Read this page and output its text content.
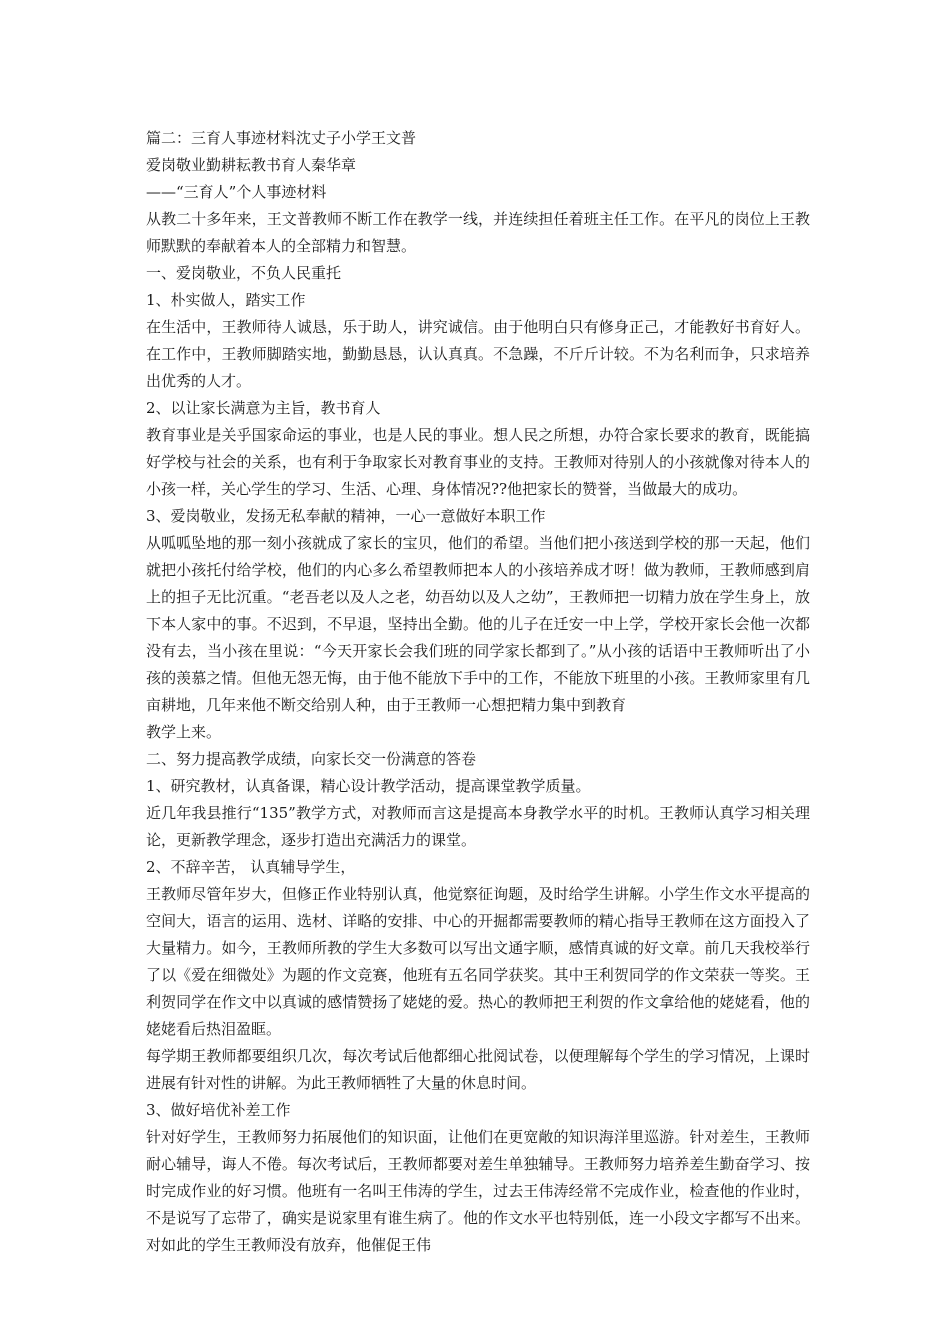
篇二：三育人事迹材料沈丈子小学王文普

爱岗敬业勤耕耘教书育人秦华章

——“三育人”个人事迹材料

从教二十多年来，王文普教师不断工作在教学一线，并连续担任着班主任工作。在平凡的岗位上王教师默默的奉献着本人的全部精力和智慧。

一、爱岗敬业，不负人民重托

1、朴实做人，踏实工作

在生活中，王教师待人诚恳，乐于助人，讲究诚信。由于他明白只有修身正己，才能教好书育好人。在工作中，王教师脚踏实地，勤勤恳恳，认认真真。不急躁，不斤斤计较。不为名利而争，只求培养出优秀的人才。

2、以让家长满意为主旨，教书育人

教育事业是关乎国家命运的事业，也是人民的事业。想人民之所想，办符合家长要求的教育，既能搞好学校与社会的关系，也有利于争取家长对教育事业的支持。王教师对待别人的小孩就像对待本人的小孩一样，关心学生的学习、生活、心理、身体情况??他把家长的赞誉，当做最大的成功。

3、爱岗敬业，发扬无私奉献的精神，一心一意做好本职工作

从呱呱坠地的那一刻小孩就成了家长的宝贝，他们的希望。当他们把小孩送到学校的那一天起，他们就把小孩托付给学校，他们的内心多么希望教师把本人的小孩培养成才呀！做为教师，王教师感到肩上的担子无比沉重。“老吾老以及人之老，幼吾幼以及人之幼”，王教师把一切精力放在学生身上，放下本人家中的事。不迟到，不早退，坚持出全勤。他的儿子在迁安一中上学，学校开家长会他一次都没有去，当小孩在里说：“今天开家长会我们班的同学家长都到了。”从小孩的话语中王教师听出了小孩的羡慕之情。但他无怨无悔，由于他不能放下手中的工作，不能放下班里的小孩。王教师家里有几亩耕地，几年来他不断交给别人种，由于王教师一心想把精力集中到教育

教学上来。

二、努力提高教学成绩，向家长交一份满意的答卷

1、研究教材，认真备课，精心设计教学活动，提高课堂教学质量。

近几年我县推行“135”教学方式，对教师而言这是提高本身教学水平的时机。王教师认真学习相关理论，更新教学理念，逐步打造出充满活力的课堂。

2、不辞辛苦， 认真辅导学生，

王教师尽管年岁大，但修正作业特别认真，他觉察征询题，及时给学生讲解。小学生作文水平提高的空间大，语言的运用、选材、详略的安排、中心的开掘都需要教师的精心指导王教师在这方面投入了大量精力。如今，王教师所教的学生大多数可以写出文通字顺，感情真诚的好文章。前几天我校举行了以《爱在细微处》为题的作文竞赛，他班有五名同学获奖。其中王利贺同学的作文荣获一等奖。王利贺同学在作文中以真诚的感情赞扬了姥姥的爱。热心的教师把王利贺的作文拿给他的姥姥看，他的姥姥看后热泪盈眶。

每学期王教师都要组织几次，每次考试后他都细心批阅试卷，以便理解每个学生的学习情况，上课时进展有针对性的讲解。为此王教师牺牲了大量的休息时间。

3、做好培优补差工作

针对好学生，王教师努力拓展他们的知识面，让他们在更宽敞的知识海洋里巡游。针对差生，王教师耐心辅导，诲人不倦。每次考试后，王教师都要对差生单独辅导。王教师努力培养差生勤奋学习、按时完成作业的好习惯。他班有一名叫王伟涛的学生，过去王伟涛经常不完成作业，检查他的作业时，不是说写了忘带了，确实是说家里有谁生病了。他的作文水平也特别低，连一小段文字都写不出来。对如此的学生王教师没有放弃，他催促王伟
